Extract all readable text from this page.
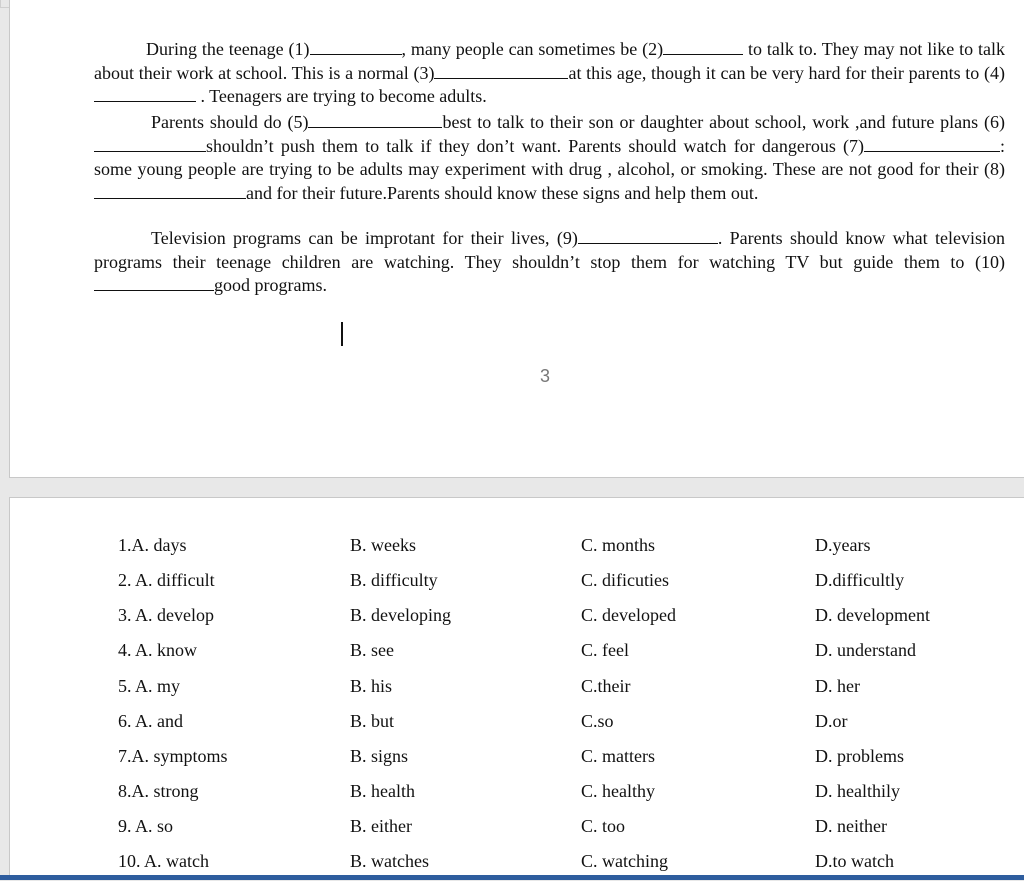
During the teenage (1)	, many people can sometimes be (2)	to talk to. They may not like to talk about their work at school. This is a normal (3)	at this age, though it can be very hard for their parents to (4) . Teenagers are trying to become adults.

Parents should do (5)	best to talk to their son or daughter about school, work ,and future plans (6)shouldn’t push them to talk if they don’t want. Parents should watch for dangerous (7)	: some young people are trying to be adults may experiment with drug , alcohol, or smoking. These are not good for their (8)and for their future.Parents should know these signs and help them out.

Television programs can be improtant for their lives, (9)	. Parents should know what television programs their teenage children are watching. They shouldn’t stop them for watching TV but guide them to (10)good programs.

3
1.A. days	B. weeks	C. months	D.years
2. A. difficult	B. difficulty	C. dificuties	D.difficultly
3. A. develop	B. developing	C. developed	D. development
4. A. know	B. see	C. feel	D. understand
5. A. my	B. his	C.their	D. her
6. A. and	B. but	C.so	D.or
7.A. symptoms	B. signs	C. matters	D. problems
8.A. strong	B. health	C. healthy	D. healthily
9. A. so	B. either	C. too	D. neither
10. A. watch	B. watches	C. watching	D.to watch
